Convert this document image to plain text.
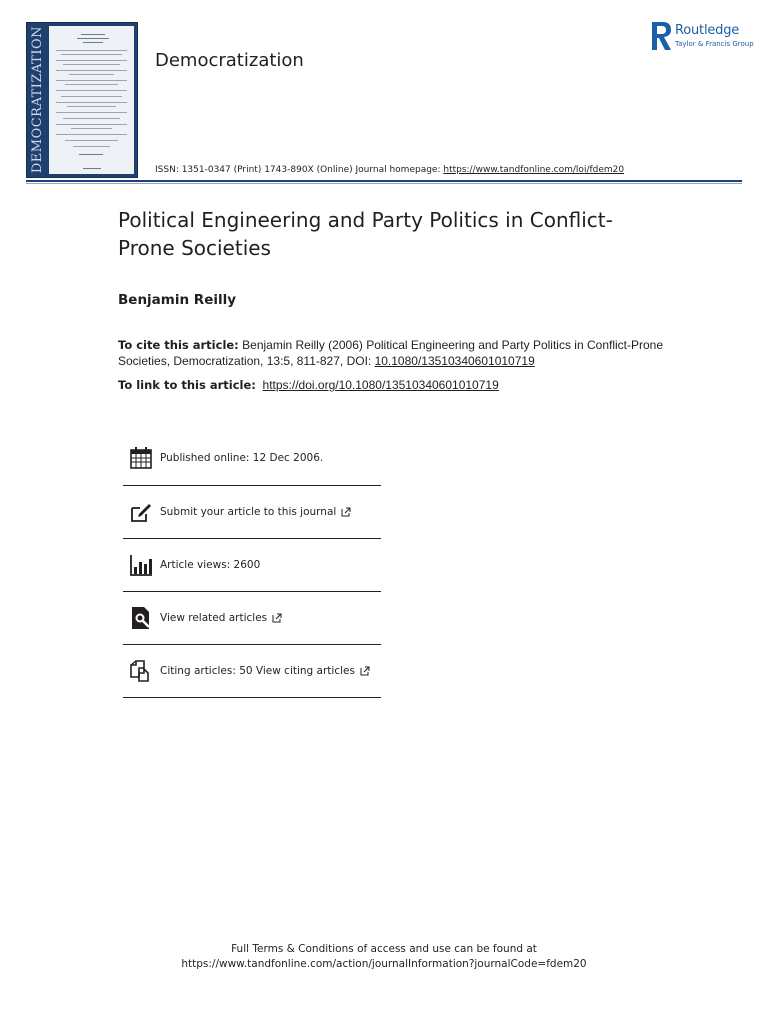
DEMOCRATIZATION	Democratization
Routledge
Taylor & Francis Group
ISSN: 1351-0347 (Print) 1743-890X (Online) Journal homepage: https://www.tandfonline.com/loi/fdem20
Political Engineering and Party Politics in Conflict-
Prone Societies
Benjamin Reilly
To cite this article: Benjamin Reilly (2006) Political Engineering and Party Politics in Conflict-Prone Societies, Democratization, 13:5, 811-827, DOI: 10.1080/13510340601010719
To link to this article: https://doi.org/10.1080/13510340601010719
Published online: 12 Dec 2006.
Submit your article to this journal
Article views: 2600
View related articles
Citing articles: 50 View citing articles
Full Terms & Conditions of access and use can be found at
https://www.tandfonline.com/action/journalInformation?journalCode=fdem20
